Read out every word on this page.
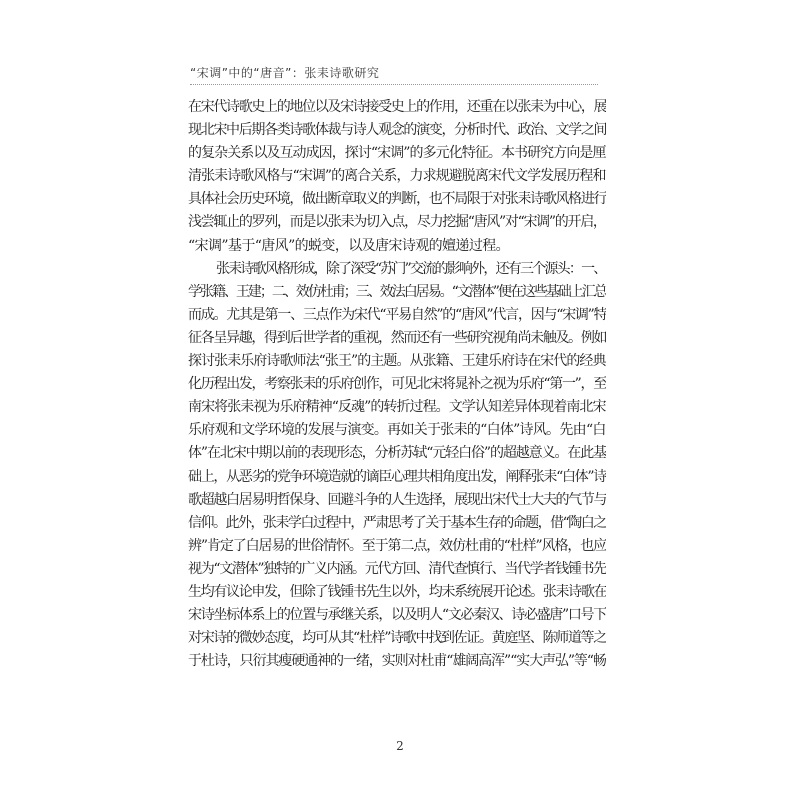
“宋调”中的“唐音”：张耒诗歌研究
在宋代诗歌史上的地位以及宋诗接受史上的作用，还重在以张耒为中心，展
现北宋中后期各类诗歌体裁与诗人观念的演变，分析时代、政治、文学之间
的复杂关系以及互动成因，探讨“宋调”的多元化特征。本书研究方向是厘
清张耒诗歌风格与“宋调”的离合关系，力求规避脱离宋代文学发展历程和
具体社会历史环境，做出断章取义的判断，也不局限于对张耒诗歌风格进行
浅尝辄止的罗列，而是以张耒为切入点，尽力挖掘“唐风”对“宋调”的开启，
“宋调”基于“唐风”的蜕变，以及唐宋诗观的嬗递过程。
张耒诗歌风格形成，除了深受“苏门”交流的影响外，还有三个源头：一、
学张籍、王建；二、效仿杜甫；三、效法白居易。“文潜体”便在这些基础上汇总
而成。尤其是第一、三点作为宋代“平易自然”的“唐风”代言，因与“宋调”特
征各呈异趣，得到后世学者的重视，然而还有一些研究视角尚未触及。例如
探讨张耒乐府诗歌师法“张王”的主题。从张籍、王建乐府诗在宋代的经典
化历程出发，考察张耒的乐府创作，可见北宋将晁补之视为乐府“第一”，至
南宋将张耒视为乐府精神“反魂”的转折过程。文学认知差异体现着南北宋
乐府观和文学环境的发展与演变。再如关于张耒的“白体”诗风。先由“白
体”在北宋中期以前的表现形态，分析苏轼“元轻白俗”的超越意义。在此基
础上，从恶劣的党争环境造就的谪臣心理共相角度出发，阐释张耒“白体”诗
歌超越白居易明哲保身、回避斗争的人生选择，展现出宋代士大夫的气节与
信仰。此外，张耒学白过程中，严肃思考了关于基本生存的命题，借“陶白之
辨”肯定了白居易的世俗情怀。至于第二点，效仿杜甫的“杜样”风格，也应
视为“文潜体”独特的广义内涵。元代方回、清代查慎行、当代学者钱锺书先
生均有议论申发，但除了钱锺书先生以外，均未系统展开论述。张耒诗歌在
宋诗坐标体系上的位置与承继关系，以及明人“文必秦汉、诗必盛唐”口号下
对宋诗的微妙态度，均可从其“杜样”诗歌中找到佐证。黄庭坚、陈师道等之
于杜诗，只衍其瘦硬通神的一绪，实则对杜甫“雄阔高浑”“实大声弘”等“畅
2
